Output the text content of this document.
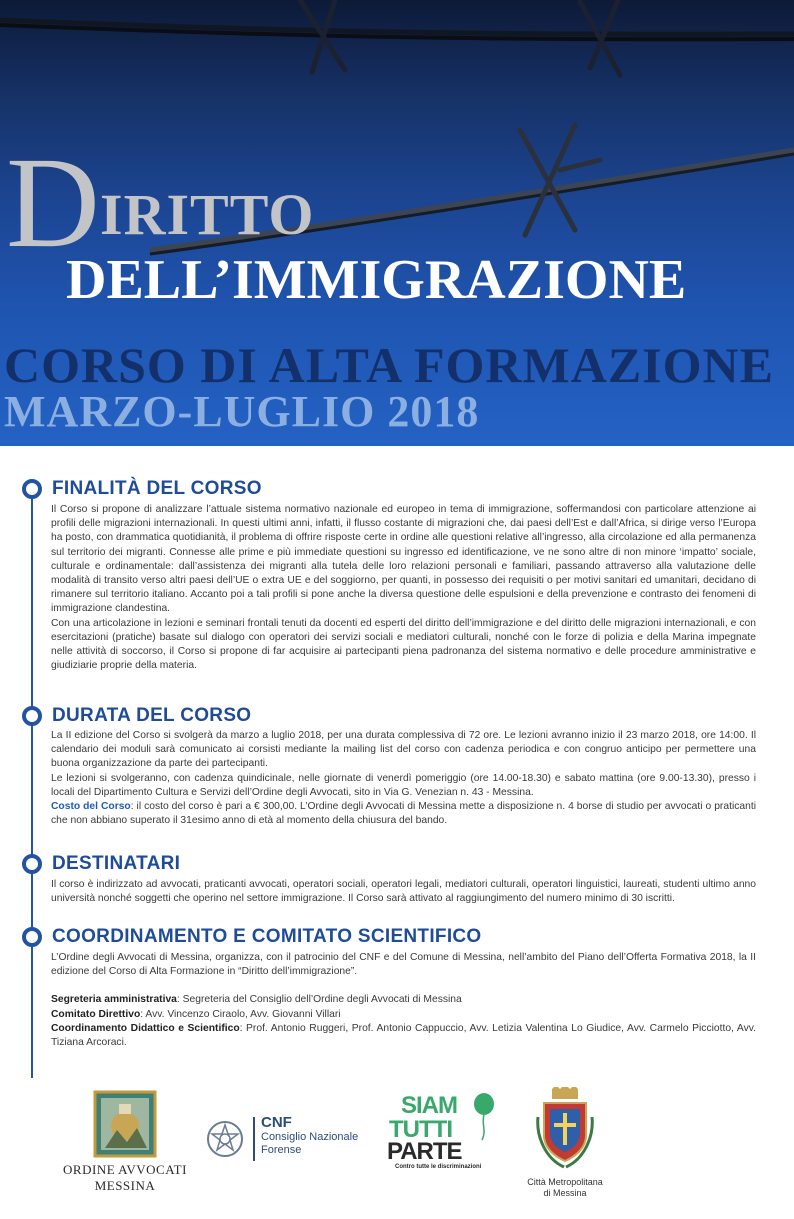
D IRITTO
DELL’IMMIGRAZIONE
CORSO DI ALTA FORMAZIONE
MARZO-LUGLIO 2018
FINALITÀ DEL CORSO

Il Corso si propone di analizzare l’attuale sistema normativo nazionale ed europeo in tema di immigrazione, soffermandosi con particolare attenzione ai profili delle migrazioni internazionali. In questi ultimi anni, infatti, il flusso costante di migrazioni che, dai paesi dell’Est e dall’Africa, si dirige verso l’Europa ha posto, con drammatica quotidianità, il problema di offrire risposte certe in ordine alle questioni relative all’ingresso, alla circolazione ed alla permanenza sul territorio dei migranti. Connesse alle prime e più immediate questioni su ingresso ed identificazione, ve ne sono altre di non minore ‘impatto’ sociale, culturale e ordinamentale: dall’assistenza dei migranti alla tutela delle loro relazioni personali e familiari, passando attraverso alla valutazione delle modalità di transito verso altri paesi dell’UE o extra UE e del soggiorno, per quanti, in possesso dei requisiti o per motivi sanitari ed umanitari, decidano di rimanere sul territorio italiano. Accanto poi a tali profili si pone anche la diversa questione delle espulsioni e della prevenzione e contrasto dei fenomeni di immigrazione clandestina.

Con una articolazione in lezioni e seminari frontali tenuti da docenti ed esperti del diritto dell’immigrazione e del diritto delle migrazioni internazionali, e con esercitazioni (pratiche) basate sul dialogo con operatori dei servizi sociali e mediatori culturali, nonché con le forze di polizia e della Marina impegnate nelle attività di soccorso, il Corso si propone di far acquisire ai partecipanti piena padronanza del sistema normativo e delle procedure amministrative e giudiziarie proprie della materia.

DURATA DEL CORSO

La II edizione del Corso si svolgerà da marzo a luglio 2018, per una durata complessiva di 72 ore. Le lezioni avranno inizio il 23 marzo 2018, ore 14:00. Il calendario dei moduli sarà comunicato ai corsisti mediante la mailing list del corso con cadenza periodica e con congruo anticipo per permettere una buona organizzazione da parte dei partecipanti.

Le lezioni si svolgeranno, con cadenza quindicinale, nelle giornate di venerdì pomeriggio (ore 14.00-18.30) e sabato mattina (ore 9.00-13.30), presso i locali del Dipartimento Cultura e Servizi dell’Ordine degli Avvocati, sito in Via G. Venezian n. 43 - Messina.

Costo del Corso: il costo del corso è pari a € 300,00. L’Ordine degli Avvocati di Messina mette a disposizione n. 4 borse di studio per avvocati o praticanti che non abbiano superato il 31esimo anno di età al momento della chiusura del bando.

DESTINATARI

Il corso è indirizzato ad avvocati, praticanti avvocati, operatori sociali, operatori legali, mediatori culturali, operatori linguistici, laureati, studenti ultimo anno università nonché soggetti che operino nel settore immigrazione. Il Corso sarà attivato al raggiungimento del numero minimo di 30 iscritti.

COORDINAMENTO E COMITATO SCIENTIFICO

L’Ordine degli Avvocati di Messina, organizza, con il patrocinio del CNF e del Comune di Messina, nell’ambito del Piano dell’Offerta Formativa 2018, la II edizione del Corso di Alta Formazione in “Diritto dell’immigrazione”.

Segreteria amministrativa: Segreteria del Consiglio dell’Ordine degli Avvocati di Messina

Comitato Direttivo: Avv. Vincenzo Ciraolo, Avv. Giovanni Villari

Coordinamento Didattico e Scientifico: Prof. Antonio Ruggeri, Prof. Antonio Cappuccio, Avv. Letizia Valentina Lo Giudice, Avv. Carmelo Picciotto, Avv. Tiziana Arcoraci.

ORDINE AVVOCATI
MESSINA
CNF
Consiglio Nazionale
Forense
SIAM
TUTTI
PARTE
Contro tutte le discriminazioni
Città Metropolitana
di Messina
